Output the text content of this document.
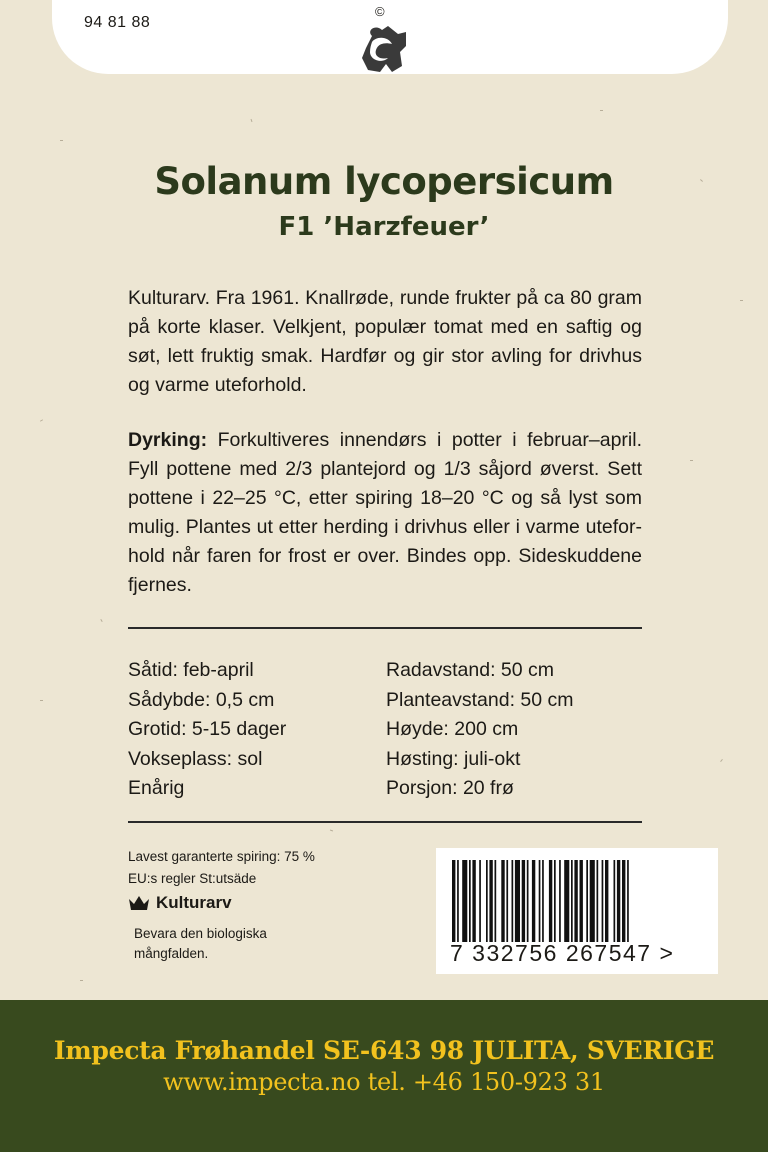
94 81 88
©
Solanum lycopersicum
F1 ’Harzfeuer’
Kulturarv. Fra 1961. Knallrøde, runde frukter på ca 80 gram på korte klaser. Velkjent, populær tomat med en saftig og søt, lett fruktig smak. Hardfør og gir stor avling for drivhus og varme uteforhold.
Dyrking: Forkultiveres innendørs i potter i februar–april. Fyll pottene med 2/3 plantejord og 1/3 såjord øverst. Sett pottene i 22–25 °C, etter spiring 18–20 °C og så lyst som mulig. Plantes ut etter herding i drivhus eller i varme uteforhold når faren for frost er over. Bindes opp. Sideskuddene fjernes.
Såtid: feb-april
Sådybde: 0,5 cm
Grotid: 5-15 dager
Vokseplass: sol
Enårig
Radavstand: 50 cm
Planteavstand: 50 cm
Høyde: 200 cm
Høsting: juli-okt
Porsjon: 20 frø
Lavest garanterte spiring: 75 %
EU:s regler St:utsäde
Kulturarv
Bevara den biologiska
mångfalden.	7 332756 267547 >
Impecta Frøhandel SE-643 98 JULITA, SVERIGE
www.impecta.no tel. +46 150-923 31
